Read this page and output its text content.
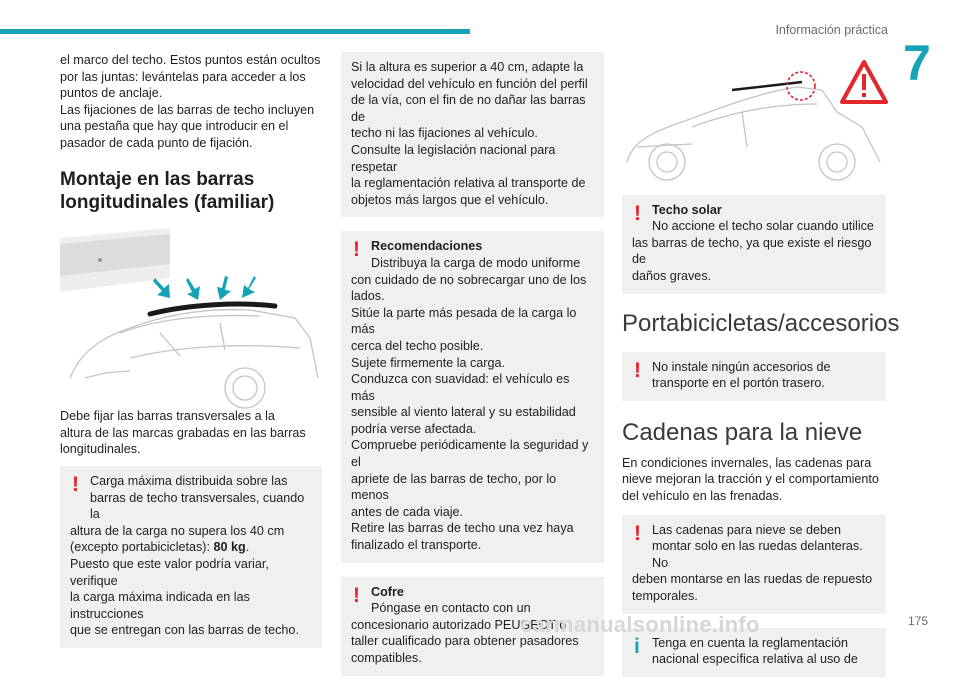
Información práctica
7
el marco del techo. Estos puntos están ocultos
por las juntas: levántelas para acceder a los
puntos de anclaje.
Las fijaciones de las barras de techo incluyen
una pestaña que hay que introducir en el
pasador de cada punto de fijación.
Montaje en las barras
longitudinales (familiar)
Debe fijar las barras transversales a la
altura de las marcas grabadas en las barras
longitudinales.
! Carga máxima distribuida sobre las
barras de techo transversales, cuando la
altura de la carga no supera los 40 cm
(excepto portabicicletas): 80 kg.
Puesto que este valor podría variar, verifique
la carga máxima indicada en las instrucciones
que se entregan con las barras de techo.
Si la altura es superior a 40 cm, adapte la
velocidad del vehículo en función del perfil
de la vía, con el fin de no dañar las barras de
techo ni las fijaciones al vehículo.
Consulte la legislación nacional para respetar
la reglamentación relativa al transporte de
objetos más largos que el vehículo.
! Recomendaciones
Distribuya la carga de modo uniforme
con cuidado de no sobrecargar uno de los
lados.
Sitúe la parte más pesada de la carga lo más
cerca del techo posible.
Sujete firmemente la carga.
Conduzca con suavidad: el vehículo es más
sensible al viento lateral y su estabilidad
podría verse afectada.
Compruebe periódicamente la seguridad y el
apriete de las barras de techo, por lo menos
antes de cada viaje.
Retire las barras de techo una vez haya
finalizado el transporte.
! Cofre
Póngase en contacto con un
concesionario autorizado PEUGEOT o
taller cualificado para obtener pasadores
compatibles.
! Techo solar
No accione el techo solar cuando utilice
las barras de techo, ya que existe el riesgo de
daños graves.
Portabicicletas/accesorios
! No instale ningún accesorios de
transporte en el portón trasero.
Cadenas para la nieve
En condiciones invernales, las cadenas para
nieve mejoran la tracción y el comportamiento
del vehículo en las frenadas.
! Las cadenas para nieve se deben
montar solo en las ruedas delanteras. No
deben montarse en las ruedas de repuesto
temporales.
i Tenga en cuenta la reglamentación
nacional específica relativa al uso de
carmanualsonline.info	175
